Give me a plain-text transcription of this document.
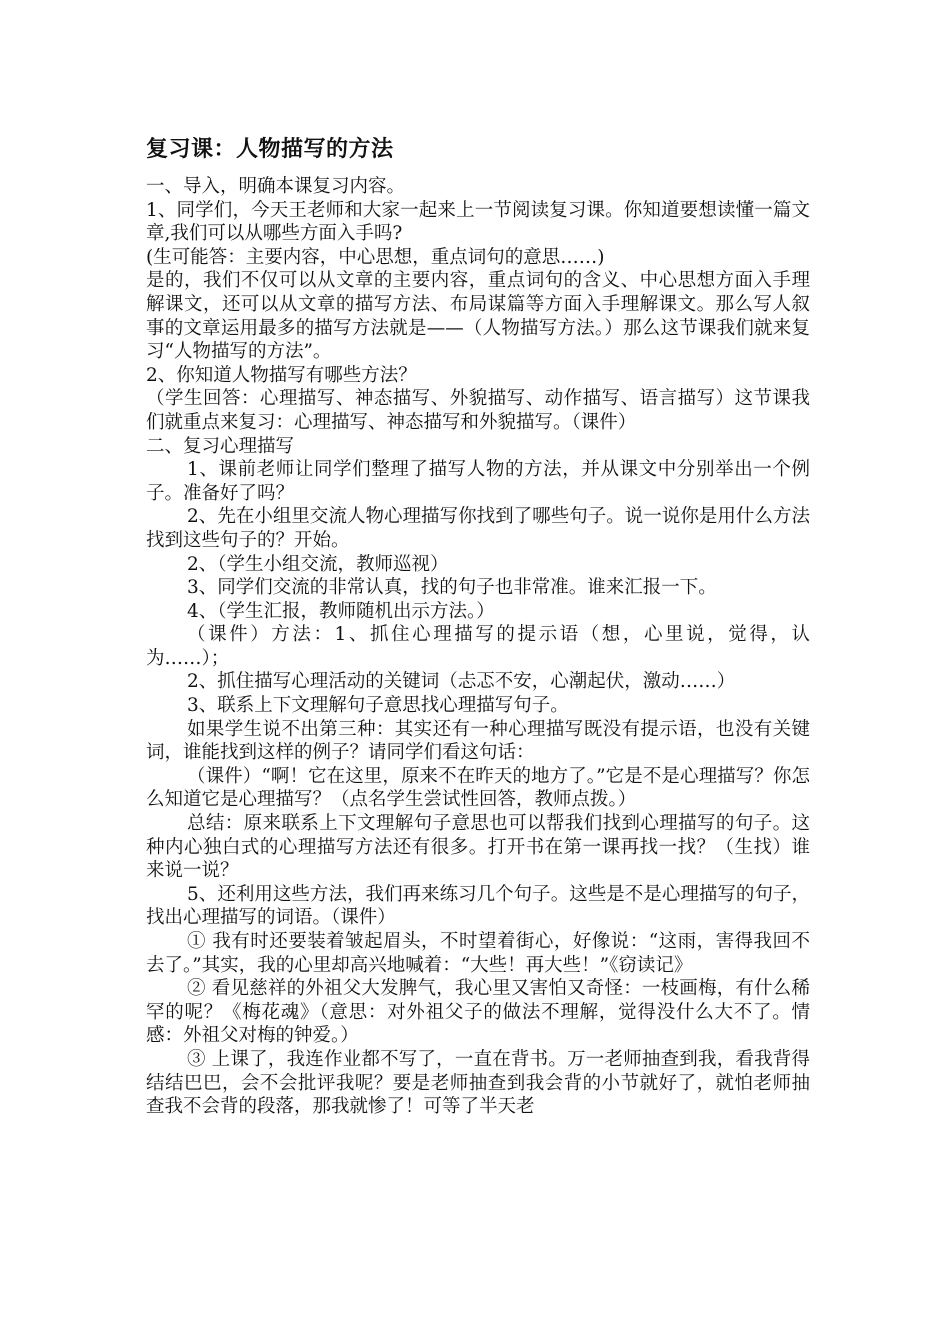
复习课：人物描写的方法

一、导入，明确本课复习内容。

1、同学们，今天王老师和大家一起来上一节阅读复习课。你知道要想读懂一篇文章,我们可以从哪些方面入手吗?

(生可能答：主要内容，中心思想，重点词句的意思……)

是的，我们不仅可以从文章的主要内容，重点词句的含义、中心思想方面入手理解课文，还可以从文章的描写方法、布局谋篇等方面入手理解课文。那么写人叙事的文章运用最多的描写方法就是——（人物描写方法。）那么这节课我们就来复习“人物描写的方法”。

2、你知道人物描写有哪些方法？

（学生回答：心理描写、神态描写、外貌描写、动作描写、语言描写）这节课我们就重点来复习：心理描写、神态描写和外貌描写。（课件）

二、复习心理描写

1、课前老师让同学们整理了描写人物的方法，并从课文中分别举出一个例子。准备好了吗？

2、先在小组里交流人物心理描写你找到了哪些句子。说一说你是用什么方法找到这些句子的？开始。

2、（学生小组交流，教师巡视）

3、同学们交流的非常认真，找的句子也非常准。谁来汇报一下。

4、（学生汇报，教师随机出示方法。）

（课件）方法：1、抓住心理描写的提示语（想，心里说，觉得，认为……）；

2、抓住描写心理活动的关键词（忐忑不安，心潮起伏，激动……）

3、联系上下文理解句子意思找心理描写句子。

如果学生说不出第三种：其实还有一种心理描写既没有提示语，也没有关键词，谁能找到这样的例子？请同学们看这句话：

（课件）“啊！它在这里，原来不在昨天的地方了。”它是不是心理描写？你怎么知道它是心理描写？（点名学生尝试性回答，教师点拨。）

总结：原来联系上下文理解句子意思也可以帮我们找到心理描写的句子。这种内心独白式的心理描写方法还有很多。打开书在第一课再找一找？（生找）谁来说一说？

5、还利用这些方法，我们再来练习几个句子。这些是不是心理描写的句子，找出心理描写的词语。（课件）

① 我有时还要装着皱起眉头，不时望着街心，好像说：“这雨，害得我回不去了。”其实，我的心里却高兴地喊着：“大些！再大些！”《窃读记》

② 看见慈祥的外祖父大发脾气，我心里又害怕又奇怪：一枝画梅，有什么稀罕的呢？《梅花魂》（意思：对外祖父子的做法不理解，觉得没什么大不了。情感：外祖父对梅的钟爱。）

③ 上课了，我连作业都不写了，一直在背书。万一老师抽查到我，看我背得结结巴巴，会不会批评我呢？要是老师抽查到我会背的小节就好了，就怕老师抽查我不会背的段落，那我就惨了！可等了半天老
